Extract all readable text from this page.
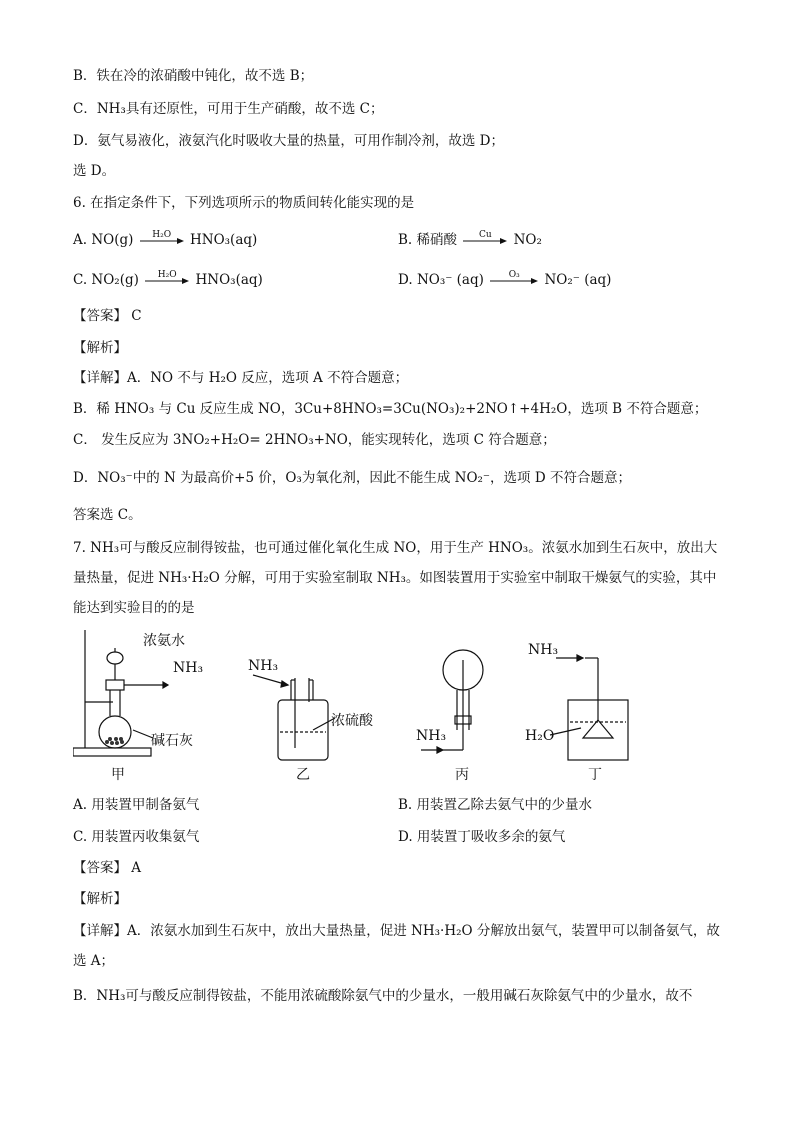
B．铁在冷的浓硝酸中钝化，故不选 B；
C．NH₃具有还原性，可用于生产硝酸，故不选 C；
D．氨气易液化，液氨汽化时吸收大量的热量，可用作制冷剂，故选 D；
选 D。
6. 在指定条件下，下列选项所示的物质间转化能实现的是
A. NO(g)	H₂O	HNO₃(aq)	B. 稀硝酸	Cu	NO₂
C. NO₂(g)	H₂O	HNO₃(aq)	D. NO₃⁻ (aq)	O₃	NO₂⁻ (aq)
【答案】 C
【解析】
【详解】A．NO 不与 H₂O 反应，选项 A 不符合题意；
B．稀 HNO₃ 与 Cu 反应生成 NO，3Cu+8HNO₃=3Cu(NO₃)₂+2NO↑+4H₂O，选项 B 不符合题意；
C． 发生反应为 3NO₂+H₂O= 2HNO₃+NO，能实现转化，选项 C 符合题意；
D．NO₃⁻中的 N 为最高价+5 价，O₃为氧化剂，因此不能生成 NO₂⁻，选项 D 不符合题意；
答案选 C。
7. NH₃可与酸反应制得铵盐，也可通过催化氧化生成 NO，用于生产 HNO₃。浓氨水加到生石灰中，放出大量热量，促进 NH₃·H₂O 分解，可用于实验室制取 NH₃。如图装置用于实验室中制取干燥氨气的实验，其中能达到实验目的的是
浓氨水
NH₃
碱石灰
甲
NH₃
浓硫酸
乙
NH₃
丙
NH₃
H₂O
丁
A. 用装置甲制备氨气	B. 用装置乙除去氨气中的少量水
C. 用装置丙收集氨气	D. 用装置丁吸收多余的氨气
【答案】 A
【解析】
【详解】A．浓氨水加到生石灰中，放出大量热量，促进 NH₃·H₂O 分解放出氨气，装置甲可以制备氨气，故选 A；
B．NH₃可与酸反应制得铵盐，不能用浓硫酸除氨气中的少量水，一般用碱石灰除氨气中的少量水，故不
